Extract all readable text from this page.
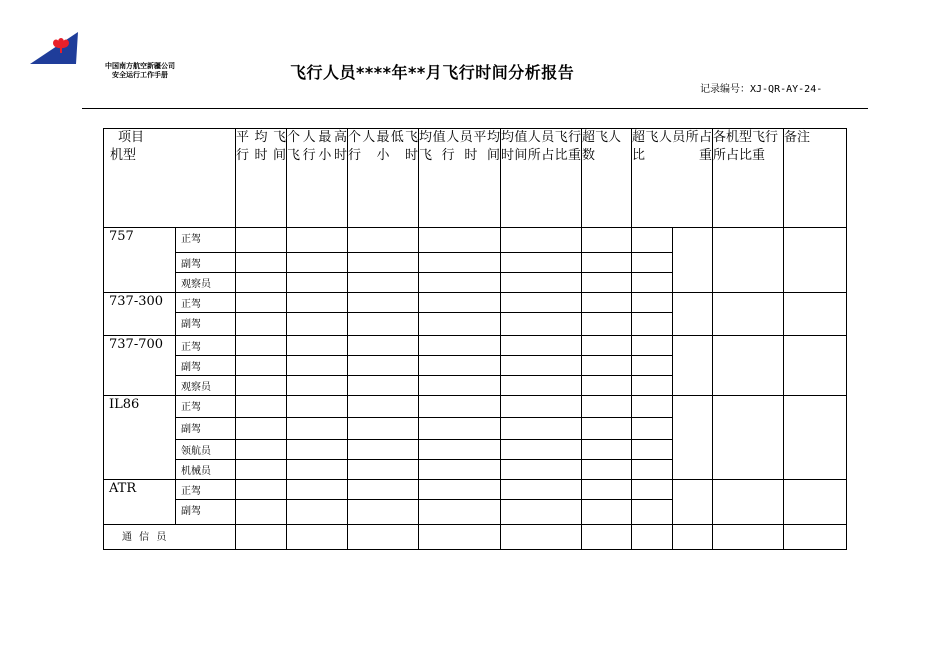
中国南方航空新疆公司
安全运行工作手册	飞行人员****年**月飞行时间分析报告
记录编号：XJ-QR-AY-24-
项目
机型		平均飞行时间	个人最高飞行小时	个人最低飞行小时	均值人员平均飞行时间	均值人员飞行时间所占比重	超飞人数	超飞人员所占比重		各机型飞行所占比重	备注
757	正驾										
	副驾										
	观察员										
737-300	正驾										
	副驾										
737-700	正驾										
	副驾										
	观察员										
IL86	正驾										
	副驾										
	领航员										
	机械员										
ATR	正驾										
	副驾										
通 信 员											
